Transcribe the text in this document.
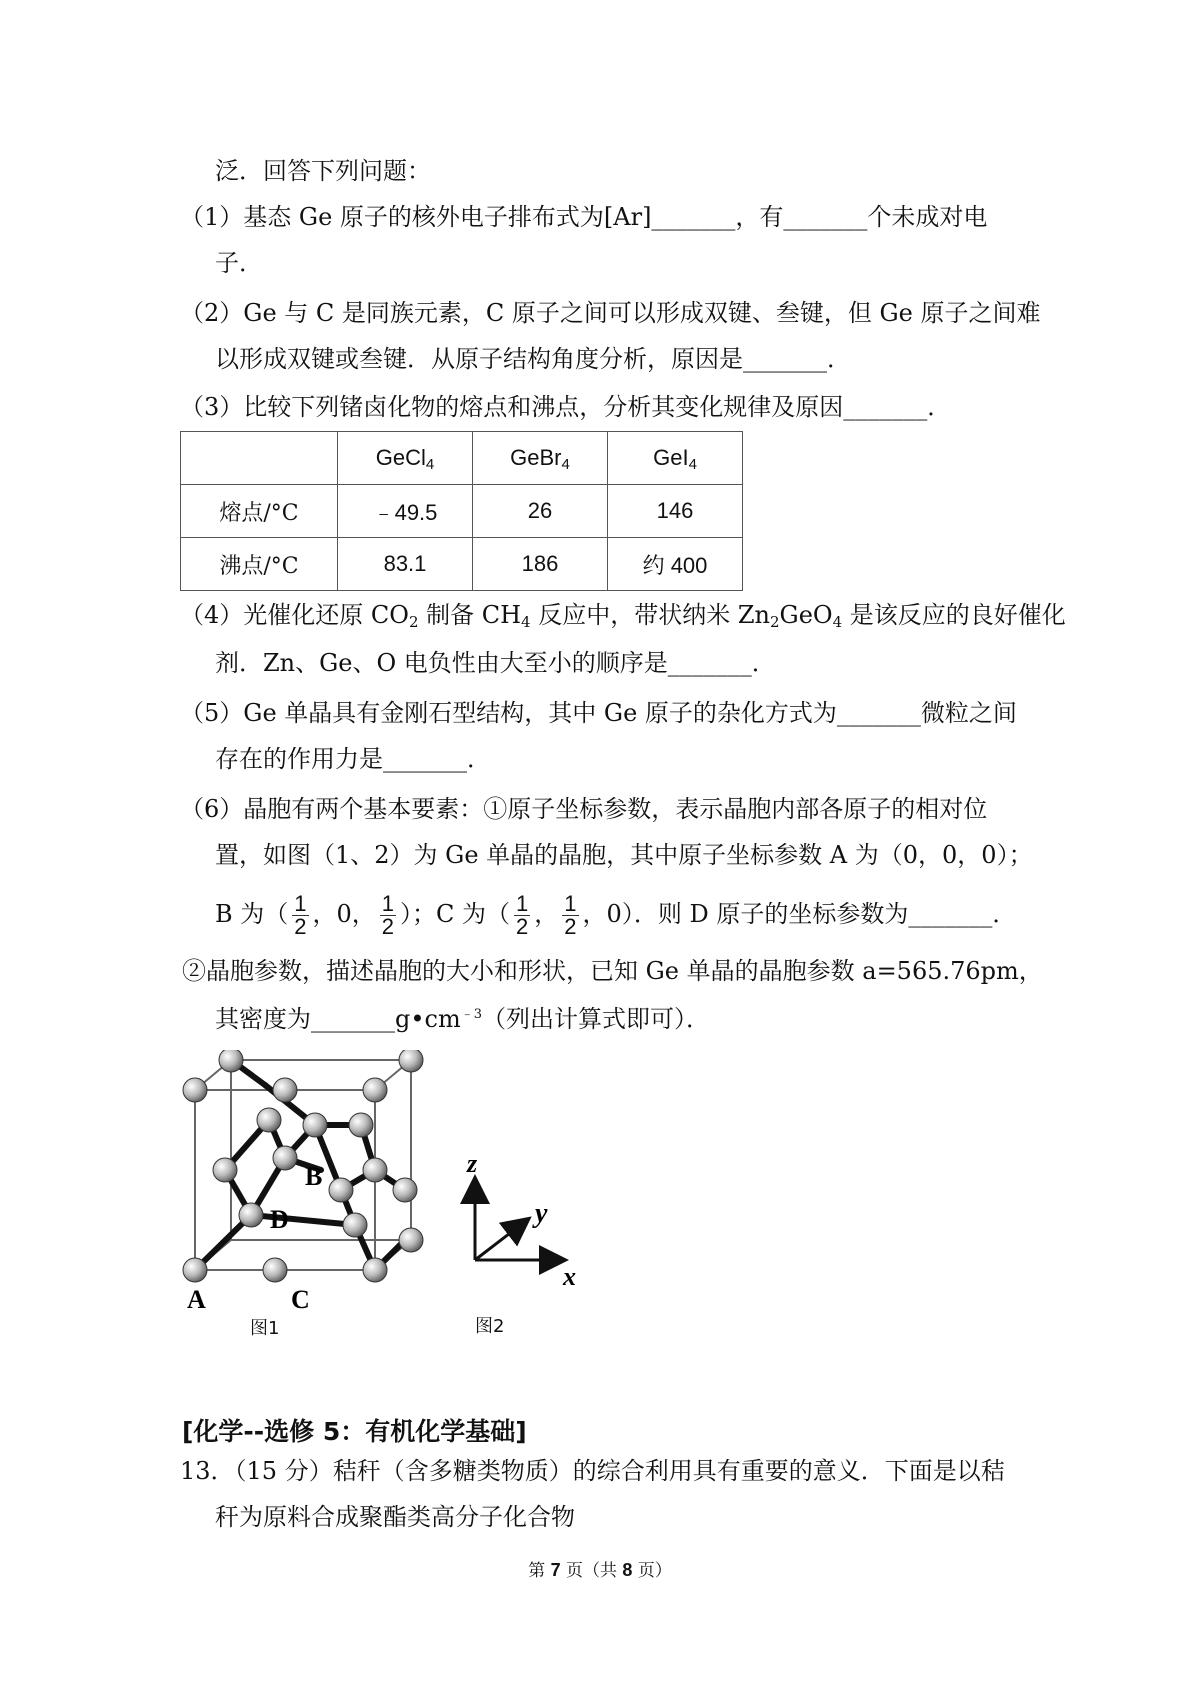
泛．回答下列问题：
（1）基态 Ge 原子的核外电子排布式为[Ar]_______，有_______个未成对电
子．
（2）Ge 与 C 是同族元素，C 原子之间可以形成双键、叁键，但 Ge 原子之间难
以形成双键或叁键．从原子结构角度分析，原因是_______．
（3）比较下列锗卤化物的熔点和沸点，分析其变化规律及原因_______．
	GeCl$_4$	GeBr$_4$	GeI$_4$
熔点/°C	﹣49.5	26	146
沸点/°C	83.1	186	约 400
（4）光催化还原 $CO_2$ 制备 $CH_4$ 反应中，带状纳米 $Zn_2GeO_4$ 是该反应的良好催化
剂．Zn、Ge、O 电负性由大至小的顺序是_______．
（5）Ge 单晶具有金刚石型结构，其中 Ge 原子的杂化方式为_______微粒之间
存在的作用力是_______．
（6）晶胞有两个基本要素：①原子坐标参数，表示晶胞内部各原子的相对位
置，如图（1、2）为 Ge 单晶的晶胞，其中原子坐标参数 A 为（0，0，0）；
B 为（ $\frac{1}{2}$ ，0， $\frac{1}{2}$ ）；C 为（ $\frac{1}{2}$ ， $\frac{1}{2}$ ，0）．则 D 原子的坐标参数为_______．
②晶胞参数，描述晶胞的大小和形状，已知 Ge 单晶的晶胞参数 a=565.76pm，
其密度为$\_\_\_\_\_\_\_g•cm^{﹣3}$（列出计算式即可）．
B
D
A	C
图1
z
y
x
图2
[化学--选修 5：有机化学基础]
13．（15 分）秸秆（含多糖类物质）的综合利用具有重要的意义．下面是以秸
秆为原料合成聚酯类高分子化合物
第 7 页（共 8 页）
